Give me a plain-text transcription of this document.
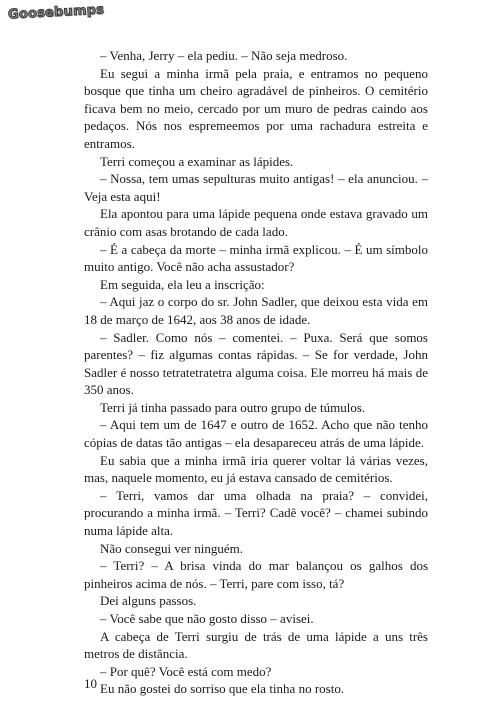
Goosebumps

– Venha, Jerry – ela pediu. – Não seja medroso.

Eu segui a minha irmã pela praia, e entramos no pequeno bosque que tinha um cheiro agradável de pinheiros. O cemitério ficava bem no meio, cercado por um muro de pedras caindo aos pedaços. Nós nos espremeemos por uma rachadura estreita e entramos.

Terri começou a examinar as lápides.

– Nossa, tem umas sepulturas muito antigas! – ela anunciou. – Veja esta aqui!

Ela apontou para uma lápide pequena onde estava gravado um crânio com asas brotando de cada lado.

– É a cabeça da morte – minha irmã explicou. – É um símbolo muito antigo. Você não acha assustador?

Em seguida, ela leu a inscrição:

– Aqui jaz o corpo do sr. John Sadler, que deixou esta vida em 18 de março de 1642, aos 38 anos de idade.

– Sadler. Como nós – comentei. – Puxa. Será que somos parentes? – fiz algumas contas rápidas. – Se for verdade, John Sadler é nosso tetratetratetra alguma coisa. Ele morreu há mais de 350 anos.

Terri já tinha passado para outro grupo de túmulos.

– Aqui tem um de 1647 e outro de 1652. Acho que não tenho cópias de datas tão antigas – ela desapareceu atrás de uma lápide.

Eu sabia que a minha irmã iria querer voltar lá várias vezes, mas, naquele momento, eu já estava cansado de cemitérios.

– Terri, vamos dar uma olhada na praia? – convidei, procurando a minha irmã. – Terri? Cadê você? – chamei subindo numa lápide alta.

Não consegui ver ninguém.

– Terri? – A brisa vinda do mar balançou os galhos dos pinheiros acima de nós. – Terri, pare com isso, tá?

Dei alguns passos.

– Você sabe que não gosto disso – avisei.

A cabeça de Terri surgiu de trás de uma lápide a uns três metros de distância.

– Por quê? Você está com medo?

Eu não gostei do sorriso que ela tinha no rosto.

10
